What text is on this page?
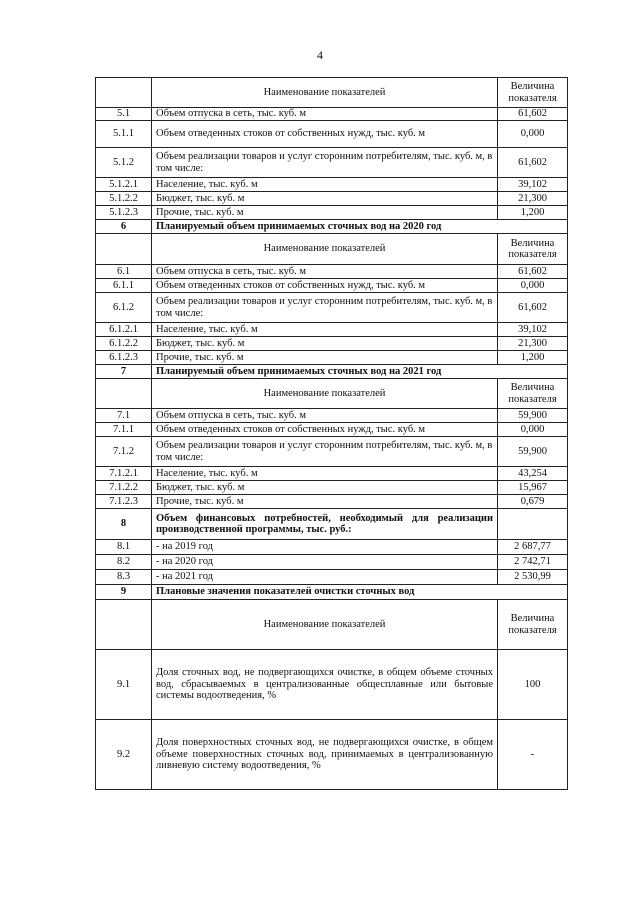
4
	Наименование показателей	Величина показателя
5.1	Объем отпуска в сеть, тыс. куб. м	61,602
5.1.1	Объем отведенных стоков от собственных нужд, тыс. куб. м	0,000
5.1.2	Объем реализации товаров и услуг сторонним потребителям, тыс. куб. м, в том числе:	61,602
5.1.2.1	Население, тыс. куб. м	39,102
5.1.2.2	Бюджет, тыс. куб. м	21,300
5.1.2.3	Прочие, тыс. куб. м	1,200
6	Планируемый объем принимаемых сточных вод на 2020 год	
	Наименование показателей	Величина показателя
6.1	Объем отпуска в сеть, тыс. куб. м	61,602
6.1.1	Объем отведенных стоков от собственных нужд, тыс. куб. м	0,000
6.1.2	Объем реализации товаров и услуг сторонним потребителям, тыс. куб. м, в том числе:	61,602
6.1.2.1	Население, тыс. куб. м	39,102
6.1.2.2	Бюджет, тыс. куб. м	21,300
6.1.2.3	Прочие, тыс. куб. м	1,200
7	Планируемый объем принимаемых сточных вод на 2021 год	
	Наименование показателей	Величина показателя
7.1	Объем отпуска в сеть, тыс. куб. м	59,900
7.1.1	Объем отведенных стоков от собственных нужд, тыс. куб. м	0,000
7.1.2	Объем реализации товаров и услуг сторонним потребителям, тыс. куб. м, в том числе:	59,900
7.1.2.1	Население, тыс. куб. м	43,254
7.1.2.2	Бюджет, тыс. куб. м	15,967
7.1.2.3	Прочие, тыс. куб. м	0,679
8	Объем финансовых потребностей, необходимый для реализации производственной программы, тыс. руб.:	
8.1	- на 2019 год	2 687,77
8.2	- на 2020 год	2 742,71
8.3	- на 2021 год	2 530,99
9	Плановые значения показателей очистки сточных вод	
	Наименование показателей	Величина показателя
9.1	Доля сточных вод, не подвергающихся очистке, в общем объеме сточных вод, сбрасываемых в централизованные общесплавные или бытовые системы водоотведения, %	100
9.2	Доля поверхностных сточных вод, не подвергающихся очистке, в общем объеме поверхностных сточных вод, принимаемых в централизованную ливневую систему водоотведения, %	-
